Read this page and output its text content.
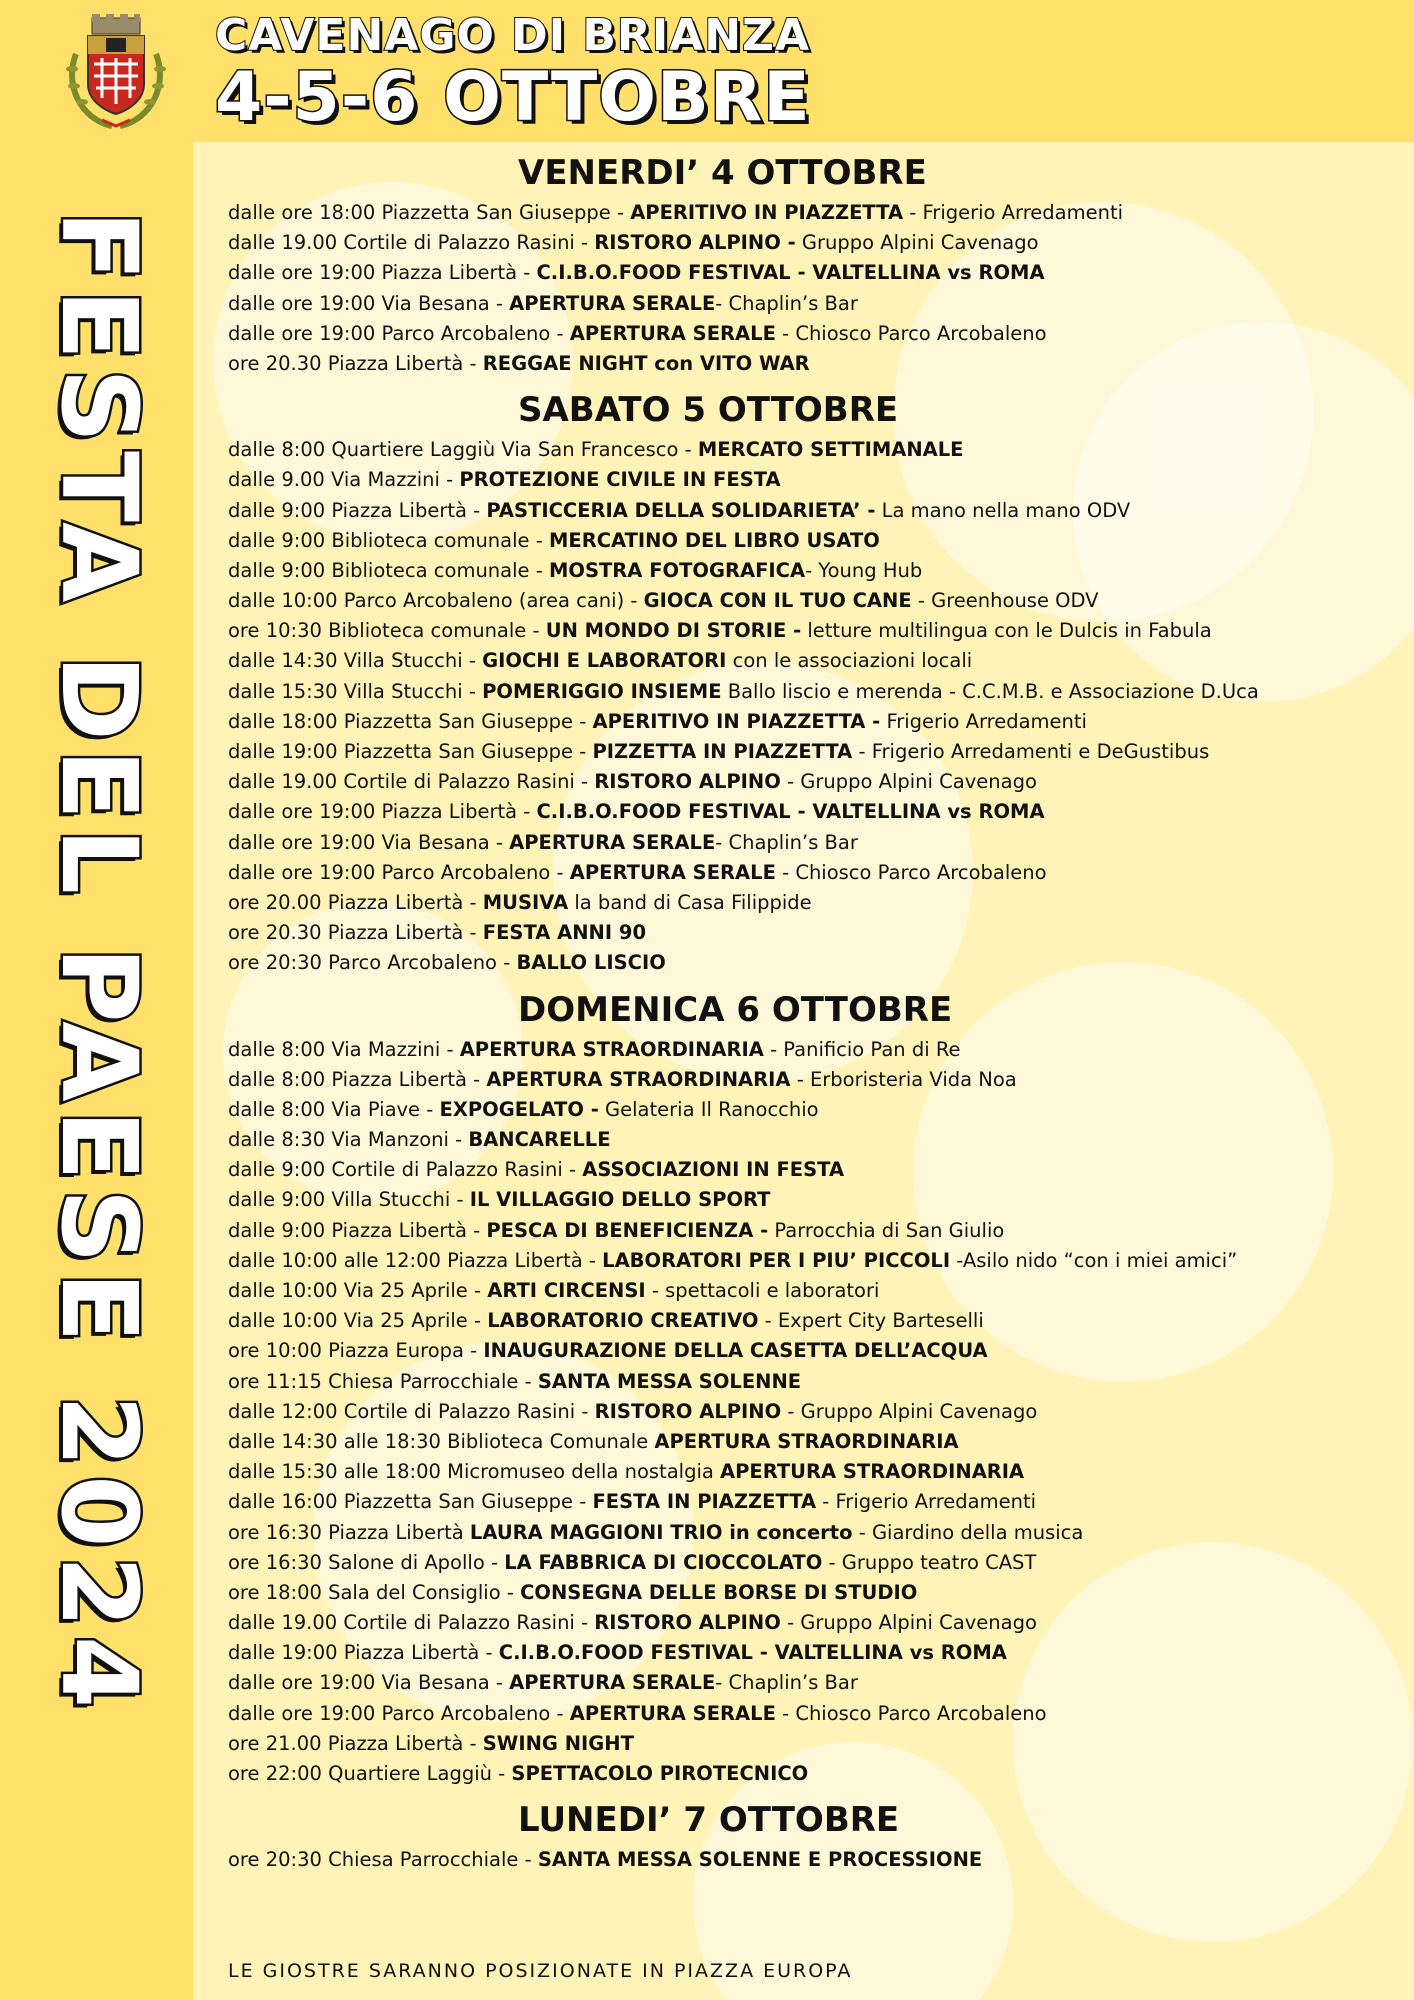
CAVENAGO DI BRIANZA
4-5-6 OTTOBRE
FESTA DEL PAESE 2024
VENERDI’ 4 OTTOBRE
dalle ore 18:00 Piazzetta San Giuseppe - APERITIVO IN PIAZZETTA - Frigerio Arredamenti
dalle 19.00 Cortile di Palazzo Rasini - RISTORO ALPINO - Gruppo Alpini Cavenago
dalle ore 19:00 Piazza Libertà - C.I.B.O.FOOD FESTIVAL - VALTELLINA vs ROMA
dalle ore 19:00 Via Besana - APERTURA SERALE- Chaplin’s Bar
dalle ore 19:00 Parco Arcobaleno - APERTURA SERALE - Chiosco Parco Arcobaleno
ore 20.30 Piazza Libertà - REGGAE NIGHT con VITO WAR
SABATO 5 OTTOBRE
dalle 8:00 Quartiere Laggiù Via San Francesco - MERCATO SETTIMANALE
dalle 9.00 Via Mazzini - PROTEZIONE CIVILE IN FESTA
dalle 9:00 Piazza Libertà - PASTICCERIA DELLA SOLIDARIETA’ - La mano nella mano ODV
dalle 9:00 Biblioteca comunale - MERCATINO DEL LIBRO USATO
dalle 9:00 Biblioteca comunale - MOSTRA FOTOGRAFICA- Young Hub
dalle 10:00 Parco Arcobaleno (area cani) - GIOCA CON IL TUO CANE - Greenhouse ODV
ore 10:30 Biblioteca comunale - UN MONDO DI STORIE - letture multilingua con le Dulcis in Fabula
dalle 14:30 Villa Stucchi - GIOCHI E LABORATORI con le associazioni locali
dalle 15:30 Villa Stucchi - POMERIGGIO INSIEME Ballo liscio e merenda - C.C.M.B. e Associazione D.Uca
dalle 18:00 Piazzetta San Giuseppe - APERITIVO IN PIAZZETTA - Frigerio Arredamenti
dalle 19:00 Piazzetta San Giuseppe - PIZZETTA IN PIAZZETTA - Frigerio Arredamenti e DeGustibus
dalle 19.00 Cortile di Palazzo Rasini - RISTORO ALPINO - Gruppo Alpini Cavenago
dalle ore 19:00 Piazza Libertà - C.I.B.O.FOOD FESTIVAL - VALTELLINA vs ROMA
dalle ore 19:00 Via Besana - APERTURA SERALE- Chaplin’s Bar
dalle ore 19:00 Parco Arcobaleno - APERTURA SERALE - Chiosco Parco Arcobaleno
ore 20.00 Piazza Libertà - MUSIVA la band di Casa Filippide
ore 20.30 Piazza Libertà - FESTA ANNI 90
ore 20:30 Parco Arcobaleno - BALLO LISCIO
DOMENICA 6 OTTOBRE
dalle 8:00 Via Mazzini - APERTURA STRAORDINARIA - Panificio Pan di Re
dalle 8:00 Piazza Libertà - APERTURA STRAORDINARIA - Erboristeria Vida Noa
dalle 8:00 Via Piave - EXPOGELATO - Gelateria Il Ranocchio
dalle 8:30 Via Manzoni - BANCARELLE
dalle 9:00 Cortile di Palazzo Rasini - ASSOCIAZIONI IN FESTA
dalle 9:00 Villa Stucchi - IL VILLAGGIO DELLO SPORT
dalle 9:00 Piazza Libertà - PESCA DI BENEFICIENZA - Parrocchia di San Giulio
dalle 10:00 alle 12:00 Piazza Libertà - LABORATORI PER I PIU’ PICCOLI -Asilo nido “con i miei amici”
dalle 10:00 Via 25 Aprile - ARTI CIRCENSI - spettacoli e laboratori
dalle 10:00 Via 25 Aprile - LABORATORIO CREATIVO - Expert City Barteselli
ore 10:00 Piazza Europa - INAUGURAZIONE DELLA CASETTA DELL’ACQUA
ore 11:15 Chiesa Parrocchiale - SANTA MESSA SOLENNE
dalle 12:00 Cortile di Palazzo Rasini - RISTORO ALPINO - Gruppo Alpini Cavenago
dalle 14:30 alle 18:30 Biblioteca Comunale APERTURA STRAORDINARIA
dalle 15:30 alle 18:00 Micromuseo della nostalgia APERTURA STRAORDINARIA
dalle 16:00 Piazzetta San Giuseppe - FESTA IN PIAZZETTA - Frigerio Arredamenti
ore 16:30 Piazza Libertà LAURA MAGGIONI TRIO in concerto - Giardino della musica
ore 16:30 Salone di Apollo - LA FABBRICA DI CIOCCOLATO - Gruppo teatro CAST
ore 18:00 Sala del Consiglio - CONSEGNA DELLE BORSE DI STUDIO
dalle 19.00 Cortile di Palazzo Rasini - RISTORO ALPINO - Gruppo Alpini Cavenago
dalle 19:00 Piazza Libertà - C.I.B.O.FOOD FESTIVAL - VALTELLINA vs ROMA
dalle ore 19:00 Via Besana - APERTURA SERALE- Chaplin’s Bar
dalle ore 19:00 Parco Arcobaleno - APERTURA SERALE - Chiosco Parco Arcobaleno
ore 21.00 Piazza Libertà - SWING NIGHT
ore 22:00 Quartiere Laggiù - SPETTACOLO PIROTECNICO
LUNEDI’ 7 OTTOBRE
ore 20:30 Chiesa Parrocchiale - SANTA MESSA SOLENNE E PROCESSIONE
LE GIOSTRE SARANNO POSIZIONATE IN PIAZZA EUROPA
